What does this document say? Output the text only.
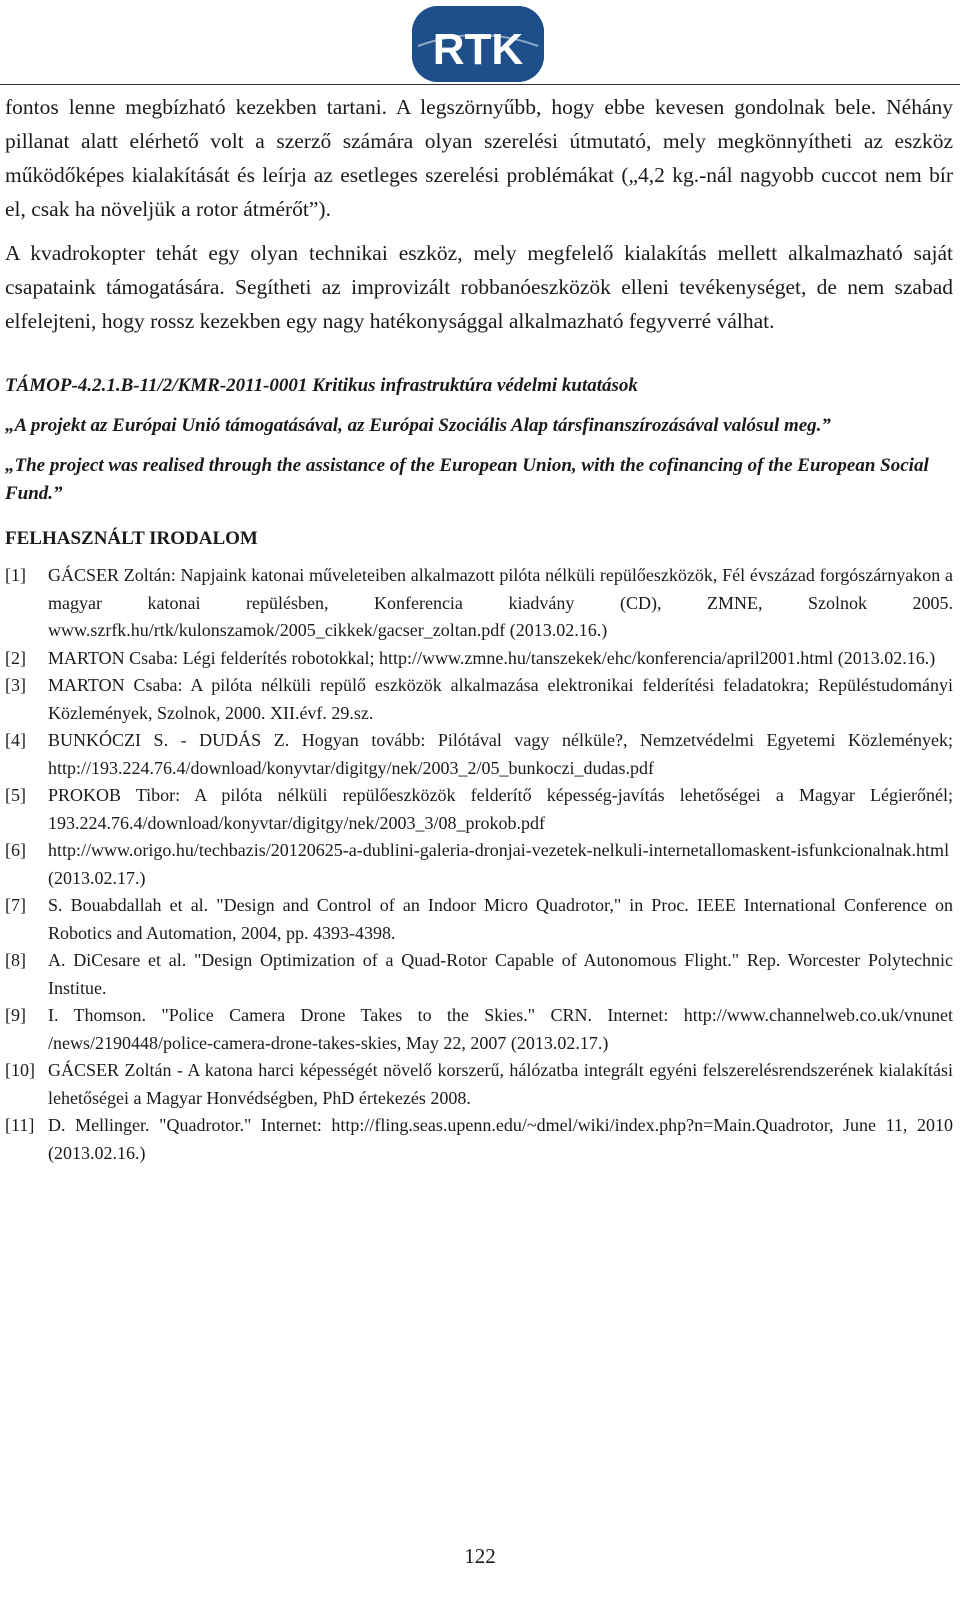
RTK

fontos lenne megbízható kezekben tartani. A legszörnyűbb, hogy ebbe kevesen gondolnak bele. Néhány pillanat alatt elérhető volt a szerző számára olyan szerelési útmutató, mely megkönnyítheti az eszköz működőképes kialakítását és leírja az esetleges szerelési problémákat („4,2 kg.-nál nagyobb cuccot nem bír el, csak ha növeljük a rotor átmérőt”).

A kvadrokopter tehát egy olyan technikai eszköz, mely megfelelő kialakítás mellett alkalmazható saját csapataink támogatására. Segítheti az improvizált robbanóeszközök elleni tevékenységet, de nem szabad elfelejteni, hogy rossz kezekben egy nagy hatékonysággal alkalmazható fegyverré válhat.

TÁMOP-4.2.1.B-11/2/KMR-2011-0001 Kritikus infrastruktúra védelmi kutatások

„A projekt az Európai Unió támogatásával, az Európai Szociális Alap társfinanszírozásával valósul meg.”

„The project was realised through the assistance of the European Union, with the cofinancing of the European Social Fund.”

FELHASZNÁLT IRODALOM
[1]	GÁCSER Zoltán: Napjaink katonai műveleteiben alkalmazott pilóta nélküli repülőeszközök, Fél évszázad forgószárnyakon a magyar katonai repülésben, Konferencia kiadvány (CD), ZMNE, Szolnok 2005. www.szrfk.hu/rtk/kulonszamok/2005_cikkek/gacser_zoltan.pdf (2013.02.16.)
[2]	MARTON Csaba: Légi felderítés robotokkal; http://www.zmne.hu/tanszekek/ehc/konferencia/april2001.html (2013.02.16.)
[3]	MARTON Csaba: A pilóta nélküli repülő eszközök alkalmazása elektronikai felderítési feladatokra; Repüléstudományi Közlemények, Szolnok, 2000. XII.évf. 29.sz.
[4]	BUNKÓCZI S. - DUDÁS Z. Hogyan tovább: Pilótával vagy nélküle?, Nemzetvédelmi Egyetemi Közlemények; http://193.224.76.4/download/konyvtar/digitgy/nek/2003_2/05_bunkoczi_dudas.pdf
[5]	PROKOB Tibor: A pilóta nélküli repülőeszközök felderítő képesség-javítás lehetőségei a Magyar Légierőnél; 193.224.76.4/download/konyvtar/digitgy/nek/2003_3/08_prokob.pdf
[6]	http://www.origo.hu/techbazis/20120625-a-dublini-galeria-dronjai-vezetek-nelkuli-internetallomaskent-isfunkcionalnak.html (2013.02.17.)
[7]	S. Bouabdallah et al. "Design and Control of an Indoor Micro Quadrotor," in Proc. IEEE International Conference on Robotics and Automation, 2004, pp. 4393-4398.
[8]	A. DiCesare et al. "Design Optimization of a Quad-Rotor Capable of Autonomous Flight." Rep. Worcester Polytechnic Institue.
[9]	I. Thomson. "Police Camera Drone Takes to the Skies." CRN. Internet: http://www.channelweb.co.uk/vnunet /news/2190448/police-camera-drone-takes-skies, May 22, 2007 (2013.02.17.)
[10] GÁCSER Zoltán - A katona harci képességét növelő korszerű, hálózatba integrált egyéni felszerelésrendszerének kialakítási lehetőségei a Magyar Honvédségben, PhD értekezés 2008.
[11] D. Mellinger. "Quadrotor." Internet: http://fling.seas.upenn.edu/~dmel/wiki/index.php?n=Main.Quadrotor, June 11, 2010 (2013.02.16.)
122
